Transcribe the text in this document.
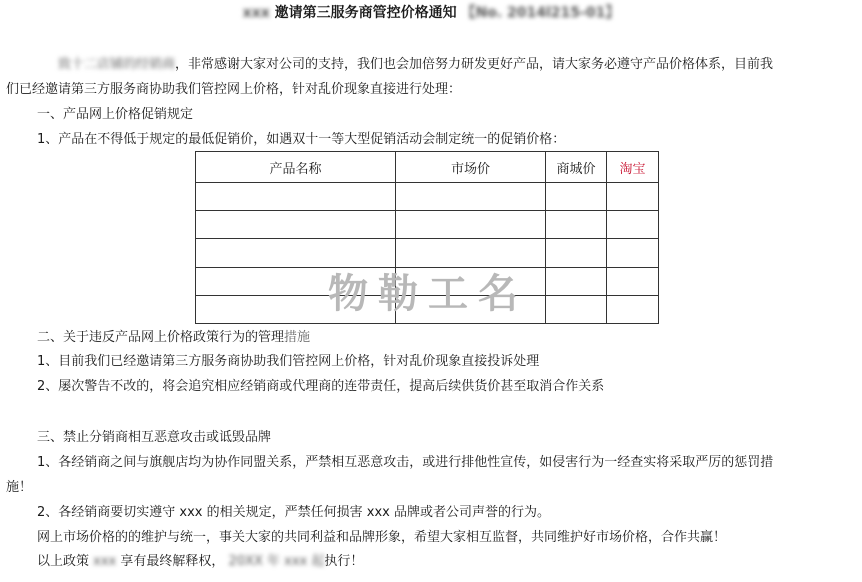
xxx 邀请第三服务商管控价格通知 【No. 2014l215-01】
致十二店铺的经销商，非常感谢大家对公司的支持，我们也会加倍努力研发更好产品，请大家务必遵守产品价格体系，目前我
们已经邀请第三方服务商协助我们管控网上价格，针对乱价现象直接进行处理：
一、产品网上价格促销规定
1、产品在不得低于规定的最低促销价，如遇双十一等大型促销活动会制定统一的促销价格：
产品名称	市场价	商城价	淘宝

物勒工名
二、关于违反产品网上价格政策行为的管理措施
1、目前我们已经邀请第三方服务商协助我们管控网上价格，针对乱价现象直接投诉处理
2、屡次警告不改的，将会追究相应经销商或代理商的连带责任，提高后续供货价甚至取消合作关系
三、禁止分销商相互恶意攻击或诋毁品牌
1、各经销商之间与旗舰店均为协作同盟关系，严禁相互恶意攻击，或进行排他性宣传，如侵害行为一经查实将采取严厉的惩罚措
施！
2、各经销商要切实遵守 xxx 的相关规定，严禁任何损害 xxx 品牌或者公司声誉的行为。
网上市场价格的的维护与统一，事关大家的共同利益和品牌形象，希望大家相互监督，共同维护好市场价格，合作共赢！
以上政策 xxx 享有最终解释权， 20XX 年 xxx 起执行！
